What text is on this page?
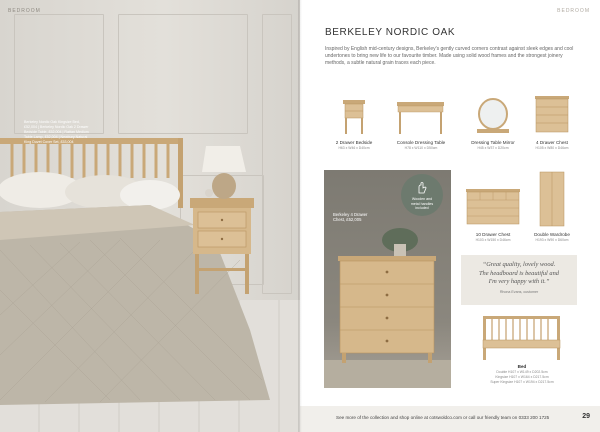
BEDROOM
Berkeley Nordic Oak Kingsize Bed,
£52,004 | Berkeley Nordic Oak 2 Drawer
Bedside Table, £52,004 | Rattan Medium
Table Lamp, £52,004 | Newbury Natural
King Duvet Cover Set, £53,004
BEDROOM
BERKELEY NORDIC OAK

Inspired by English mid-century designs, Berkeley's gently curved corners contrast against sleek edges and cool undertones to bring new life to our favourite timber. Made using solid wood frames and the strongest joinery methods, a subtle natural grain traces each piece.

2 Drawer Bedside
H63 x W46 x D40cm
Console Dressing Table
H78 x W110 x D50cm
Dressing Table Mirror
H45 x W37 x D20cm
4 Drawer Chest
H105 x W80 x D46cm
10 Drawer Chest
H103 x W150 x D46cm
Double Wardrobe
H193 x W90 x D60cm
Bed
Double H107 x W149 x D202.5cm
Kingsize H107 x W164 x D217.5cm
Super Kingsize H107 x W194 x D217.5cm
Berkeley 4 Drawer
Chest, £52,005
Wooden and
metal handles
included
“Great quality, lovely wood.
The headboard is beautiful and
I'm very happy with it.”
Rhona Evans, customer
See more of the collection and shop online at cotswoldco.com or call our friendly team on 0333 200 1725	29
